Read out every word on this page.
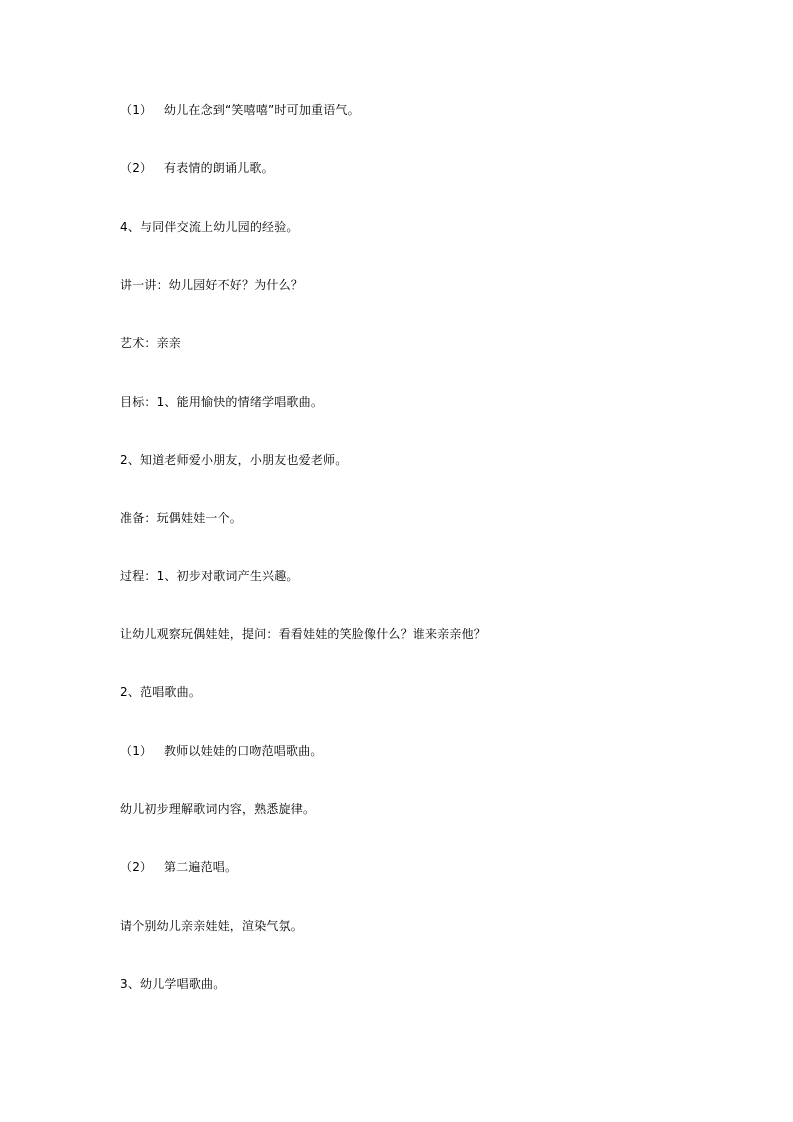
（1） 幼儿在念到“笑嘻嘻”时可加重语气。
（2） 有表情的朗诵儿歌。
4、与同伴交流上幼儿园的经验。
讲一讲：幼儿园好不好？为什么？
艺术：亲亲
目标：1、能用愉快的情绪学唱歌曲。
2、知道老师爱小朋友，小朋友也爱老师。
准备：玩偶娃娃一个。
过程：1、初步对歌词产生兴趣。
让幼儿观察玩偶娃娃，提问：看看娃娃的笑脸像什么？谁来亲亲他？
2、范唱歌曲。
（1） 教师以娃娃的口吻范唱歌曲。
幼儿初步理解歌词内容，熟悉旋律。
（2） 第二遍范唱。
请个别幼儿亲亲娃娃，渲染气氛。
3、幼儿学唱歌曲。
